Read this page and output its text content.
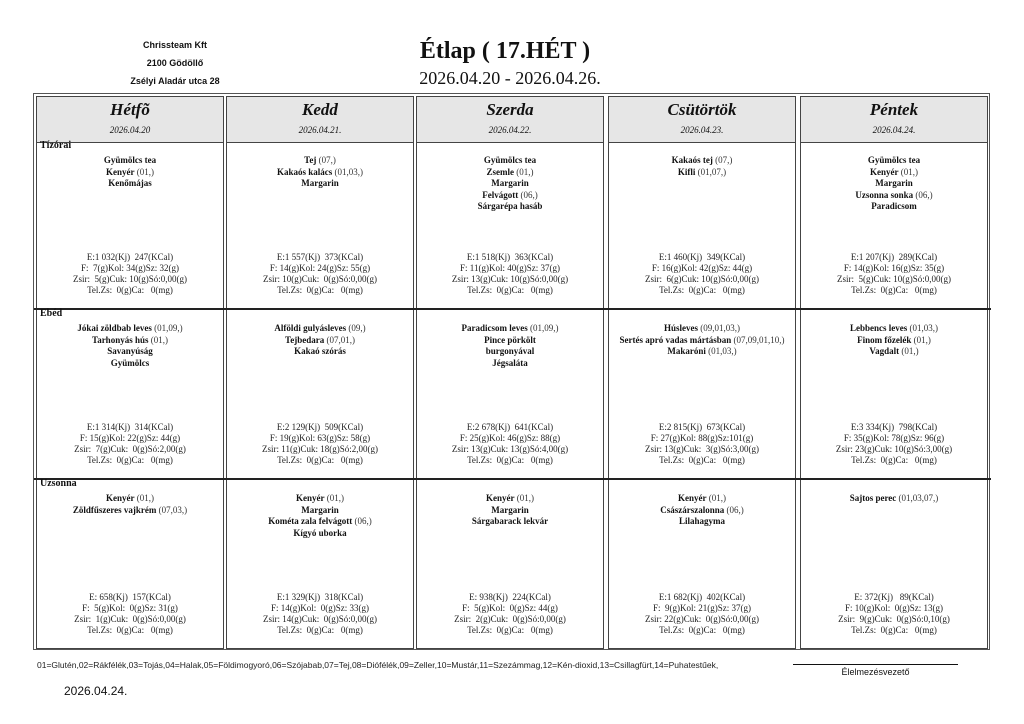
Chrissteam Kft
2100 Gödöllő
Zsélyi Aladár utca 28
Étlap ( 17.HÉT )
2026.04.20 - 2026.04.26.
Hétfõ
2026.04.20
Gyümölcs tea
Kenyér (01,)
Kenőmájas
E:1 032(Kj)  247(KCal)
F:  7(g)Kol: 34(g)Sz: 32(g)
Zsir:  5(g)Cuk: 10(g)Só:0,00(g)
Tel.Zs:  0(g)Ca:   0(mg)
Jókai zöldbab leves (01,09,)
Tarhonyás hús (01,)
Savanyúság
Gyümölcs
E:1 314(Kj)  314(KCal)
F: 15(g)Kol: 22(g)Sz: 44(g)
Zsir:  7(g)Cuk:  0(g)Só:2,00(g)
Tel.Zs:  0(g)Ca:   0(mg)
Kenyér (01,)
Zöldfűszeres vajkrém (07,03,)
E: 658(Kj)  157(KCal)
F:  5(g)Kol:  0(g)Sz: 31(g)
Zsir:  1(g)Cuk:  0(g)Só:0,00(g)
Tel.Zs:  0(g)Ca:   0(mg)
Kedd
2026.04.21.
Tej (07,)
Kakaós kalács (01,03,)
Margarin
E:1 557(Kj)  373(KCal)
F: 14(g)Kol: 24(g)Sz: 55(g)
Zsir: 10(g)Cuk:  0(g)Só:0,00(g)
Tel.Zs:  0(g)Ca:   0(mg)
Alföldi gulyásleves (09,)
Tejbedara (07,01,)
Kakaó szórás
E:2 129(Kj)  509(KCal)
F: 19(g)Kol: 63(g)Sz: 58(g)
Zsir: 11(g)Cuk: 18(g)Só:2,00(g)
Tel.Zs:  0(g)Ca:   0(mg)
Kenyér (01,)
Margarin
Kométa zala felvágott (06,)
Kígyó uborka
E:1 329(Kj)  318(KCal)
F: 14(g)Kol:  0(g)Sz: 33(g)
Zsir: 14(g)Cuk:  0(g)Só:0,00(g)
Tel.Zs:  0(g)Ca:   0(mg)
Szerda
2026.04.22.
Gyümölcs tea
Zsemle (01,)
Margarin
Felvágott (06,)
Sárgarépa hasáb
E:1 518(Kj)  363(KCal)
F: 11(g)Kol: 40(g)Sz: 37(g)
Zsir: 13(g)Cuk: 10(g)Só:0,00(g)
Tel.Zs:  0(g)Ca:   0(mg)
Paradicsom leves (01,09,)
Pince pörkölt
burgonyával
Jégsaláta
E:2 678(Kj)  641(KCal)
F: 25(g)Kol: 46(g)Sz: 88(g)
Zsir: 13(g)Cuk: 13(g)Só:4,00(g)
Tel.Zs:  0(g)Ca:   0(mg)
Kenyér (01,)
Margarin
Sárgabarack lekvár
E: 938(Kj)  224(KCal)
F:  5(g)Kol:  0(g)Sz: 44(g)
Zsir:  2(g)Cuk:  0(g)Só:0,00(g)
Tel.Zs:  0(g)Ca:   0(mg)
Csütörtök
2026.04.23.
Kakaós tej (07,)
Kifli (01,07,)
E:1 460(Kj)  349(KCal)
F: 16(g)Kol: 42(g)Sz: 44(g)
Zsir:  6(g)Cuk: 10(g)Só:0,00(g)
Tel.Zs:  0(g)Ca:   0(mg)
Húsleves (09,01,03,)
Sertés apró vadas mártásban (07,09,01,10,)
Makaróni (01,03,)
E:2 815(Kj)  673(KCal)
F: 27(g)Kol: 88(g)Sz:101(g)
Zsir: 13(g)Cuk:  3(g)Só:3,00(g)
Tel.Zs:  0(g)Ca:   0(mg)
Kenyér (01,)
Császárszalonna (06,)
Lilahagyma
E:1 682(Kj)  402(KCal)
F:  9(g)Kol: 21(g)Sz: 37(g)
Zsir: 22(g)Cuk:  0(g)Só:0,00(g)
Tel.Zs:  0(g)Ca:   0(mg)
Péntek
2026.04.24.
Gyümölcs tea
Kenyér (01,)
Margarin
Uzsonna sonka (06,)
Paradicsom
E:1 207(Kj)  289(KCal)
F: 14(g)Kol: 16(g)Sz: 35(g)
Zsir:  5(g)Cuk: 10(g)Só:0,00(g)
Tel.Zs:  0(g)Ca:   0(mg)
Lebbencs leves (01,03,)
Finom főzelék (01,)
Vagdalt (01,)
E:3 334(Kj)  798(KCal)
F: 35(g)Kol: 78(g)Sz: 96(g)
Zsir: 23(g)Cuk: 10(g)Só:3,00(g)
Tel.Zs:  0(g)Ca:   0(mg)
Sajtos perec (01,03,07,)
E: 372(Kj)   89(KCal)
F: 10(g)Kol:  0(g)Sz: 13(g)
Zsir:  9(g)Cuk:  0(g)Só:0,10(g)
Tel.Zs:  0(g)Ca:   0(mg)
Tízórai
Ebéd
Uzsonna
01=Glutén,02=Rákfélék,03=Tojás,04=Halak,05=Földimogyoró,06=Szójabab,07=Tej,08=Diófélék,09=Zeller,10=Mustár,11=Szezámmag,12=Kén-dioxid,13=Csillagfürt,14=Puhatestűek,
2026.04.24.
Élelmezésvezető
